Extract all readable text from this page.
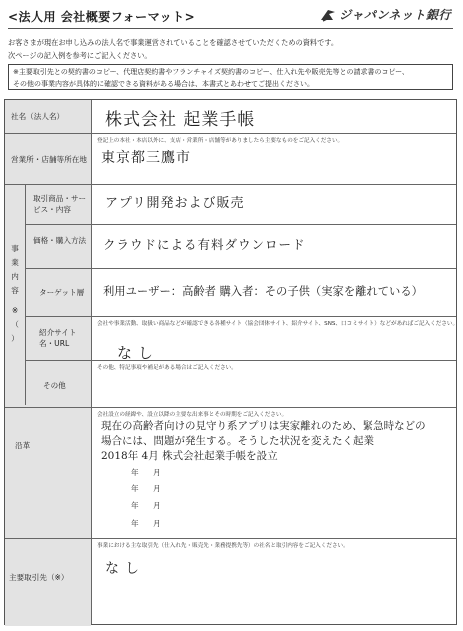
<法人用 会社概要フォーマット>	ジャパンネット銀行
お客さまが現在お申し込みの法人名で事業運営されていることを確認させていただくための資料です。
次ページの記入例を参考にご記入ください。
※主要取引先との契約書のコピー、代理店契約書やフランチャイズ契約書のコピー、仕入れ先や販売先等との請求書のコピー、
その他の事業内容が具体的に確認できる資料がある場合は、本書式とあわせてご提出ください。
社名（法人名） 株式会社 起業手帳
登記上の本社・本店以外に、支店・営業所・店舗等がありましたら主要なものをご記入ください。
営業所・店舗等所在地 東京都三鷹市
事
業
内
容
※
（
）
取引商品・サービス・内容	アプリ開発および販売
価格・購入方法 クラウドによる有料ダウンロード
ターゲット層 利用ユーザー：高齢者 購入者：その子供（実家を離れている）
会社や事業活動、取扱い商品などが確認できる各種サイト（協会団体サイト、紹介サイト、SNS、口コミサイト）などがあればご記入ください。
紹介サイト名・URL
なし
その他、特記事項や補足がある場合はご記入ください。
その他
会社設立の経緯や、設立以降の主要な出来事とその時期をご記入ください。
沿革
現在の高齢者向けの見守り系アプリは実家離れのため、緊急時などの
場合には、問題が発生する。そうした状況を変えたく起業
2018年 4月 株式会社起業手帳を設立
年 月
年 月
年 月
年 月
事業における主な取引先（仕入れ先・販売先・業務提携先等）の社名と取引内容をご記入ください。
主要取引先（※）
なし
